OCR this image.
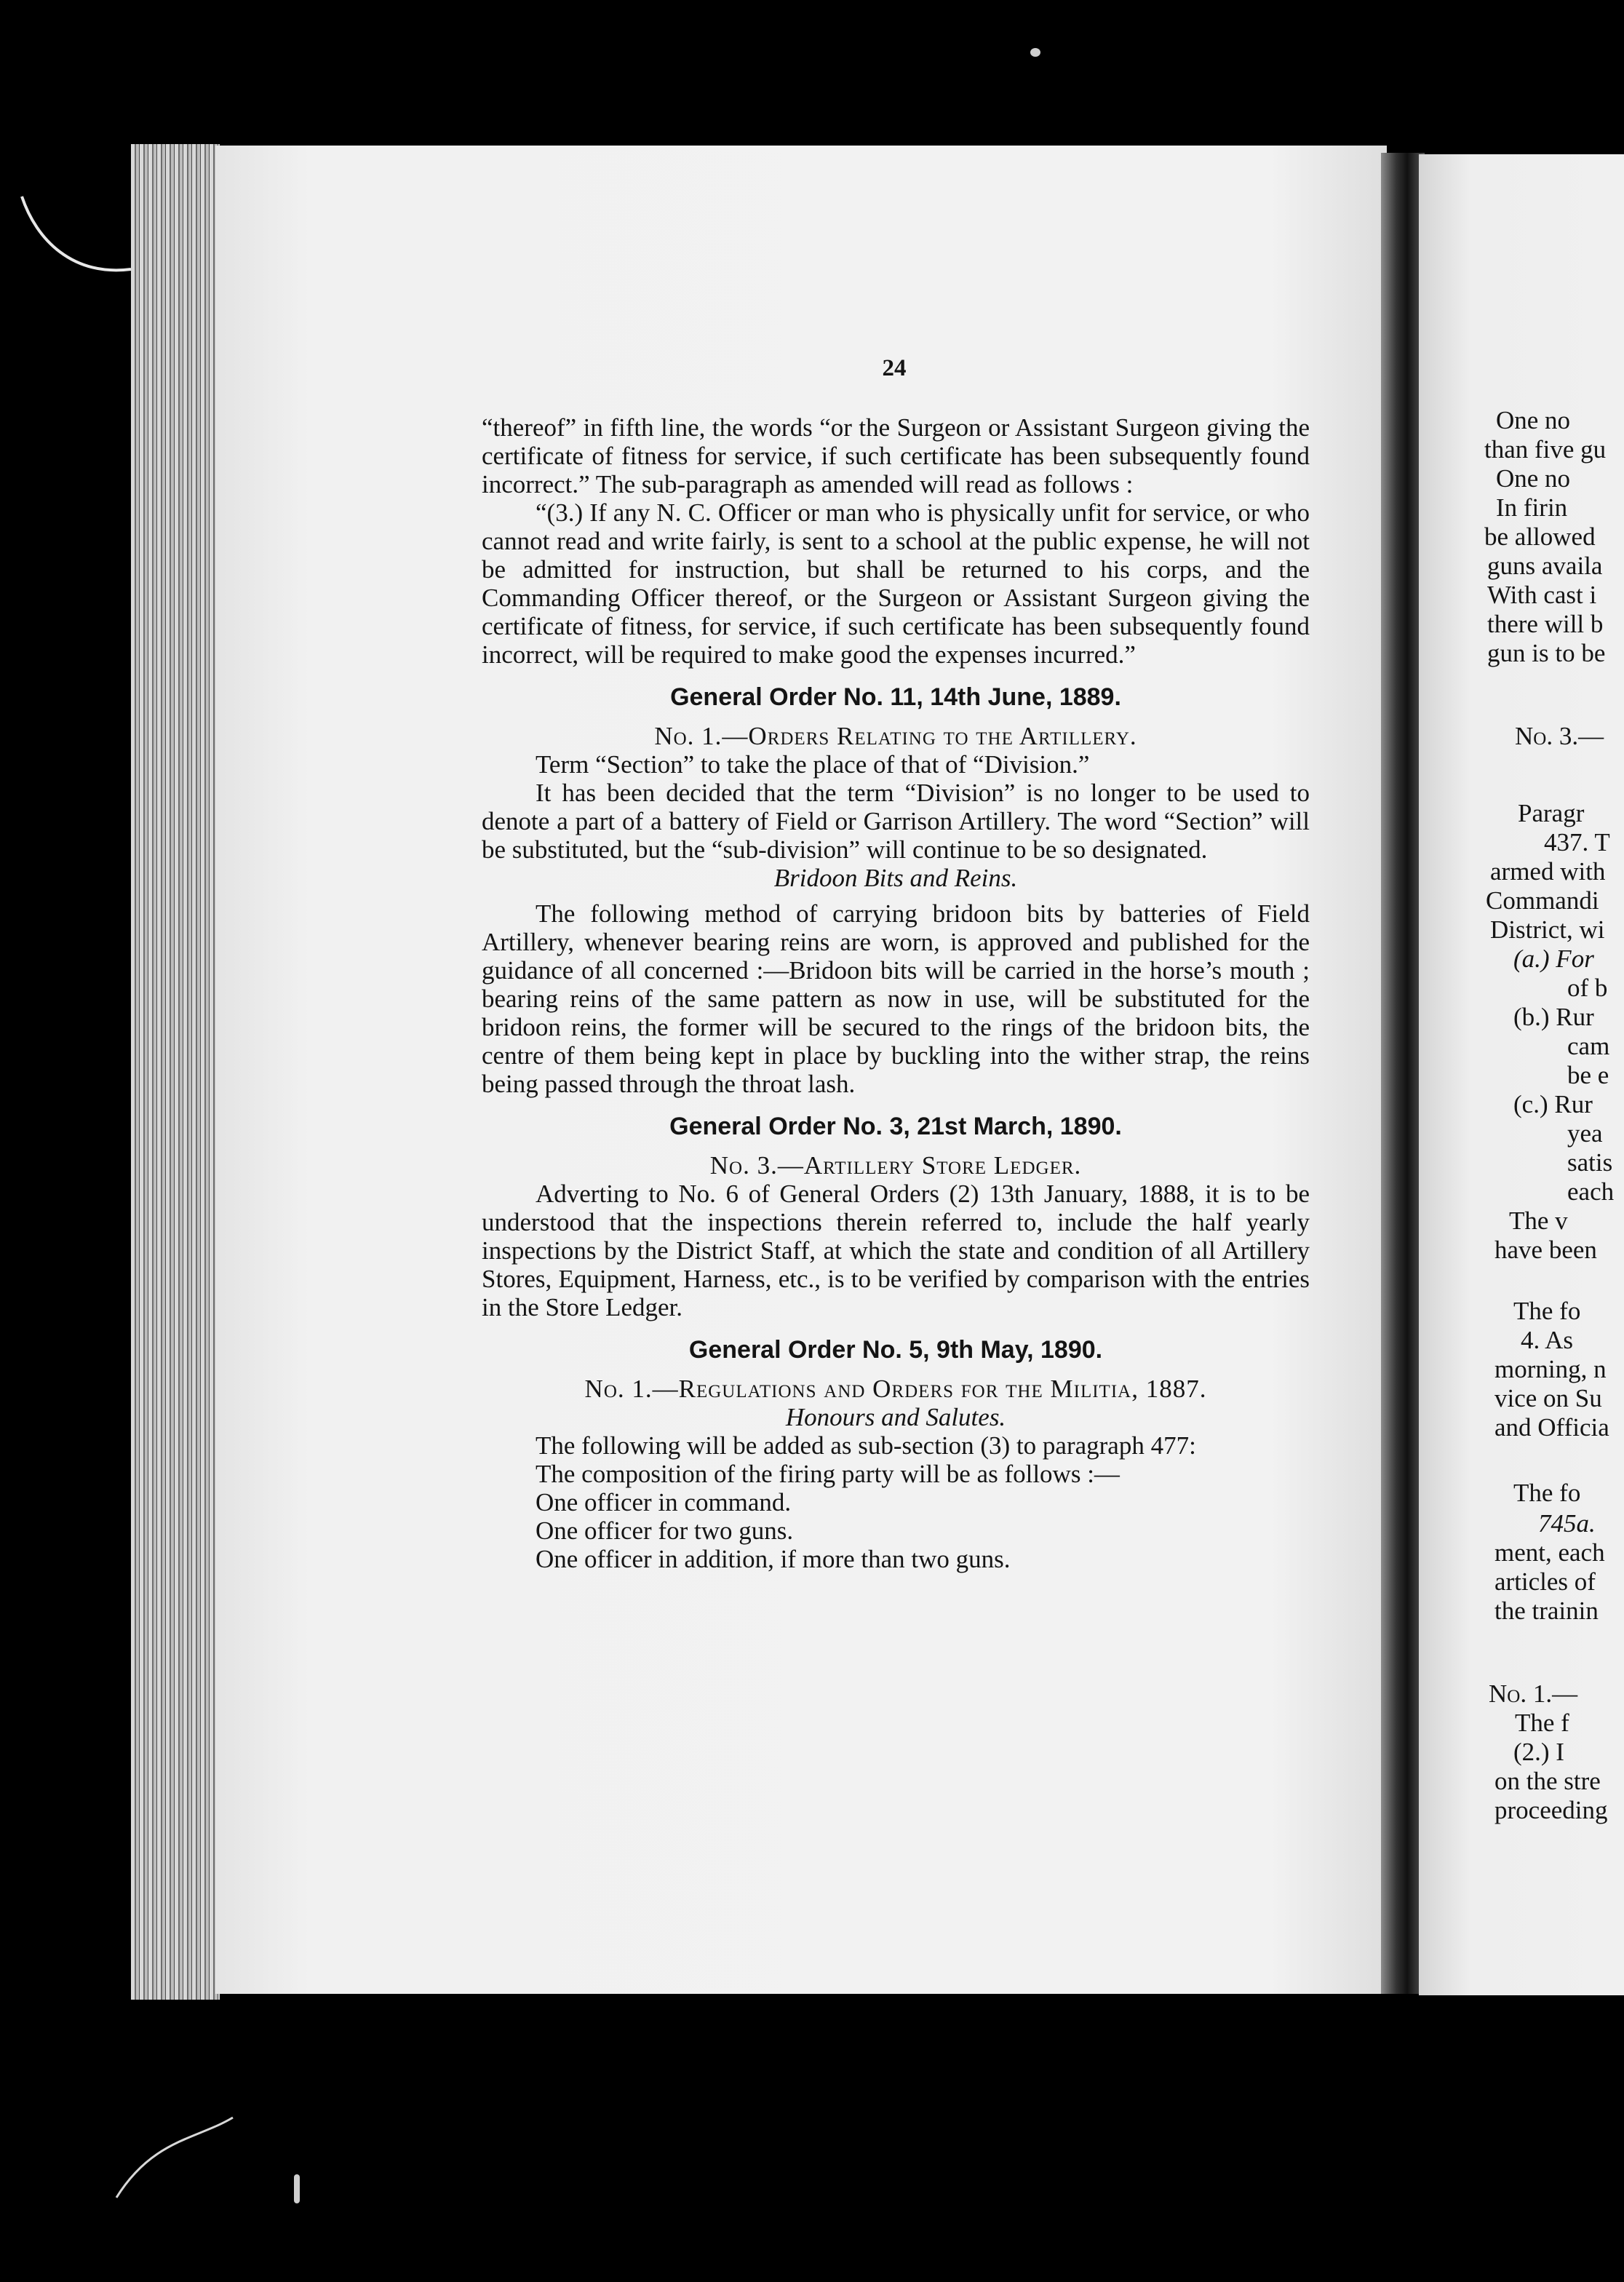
24

“thereof” in fifth line, the words “or the Surgeon or Assistant Surgeon giving the certificate of fitness for service, if such certificate has been subsequently found incorrect.” The sub-paragraph as amended will read as follows :

“(3.) If any N. C. Officer or man who is physically unfit for service, or who cannot read and write fairly, is sent to a school at the public expense, he will not be admitted for instruction, but shall be returned to his corps, and the Commanding Officer thereof, or the Surgeon or Assistant Surgeon giving the certificate of fitness, for service, if such certificate has been subsequently found incorrect, will be required to make good the expenses incurred.”

General Order No. 11, 14th June, 1889.

No. 1.—Orders Relating to the Artillery.

Term “Section” to take the place of that of “Division.”

It has been decided that the term “Division” is no longer to be used to denote a part of a battery of Field or Garrison Artillery. The word “Section” will be substituted, but the “sub-division” will continue to be so designated.

Bridoon Bits and Reins.

The following method of carrying bridoon bits by batteries of Field Artillery, whenever bearing reins are worn, is approved and published for the guidance of all concerned :—Bridoon bits will be carried in the horse’s mouth ; bearing reins of the same pattern as now in use, will be substituted for the bridoon reins, the former will be secured to the rings of the bridoon bits, the centre of them being kept in place by buckling into the wither strap, the reins being passed through the throat lash.

General Order No. 3, 21st March, 1890.

No. 3.—Artillery Store Ledger.

Adverting to No. 6 of General Orders (2) 13th January, 1888, it is to be understood that the inspections therein referred to, include the half yearly inspections by the District Staff, at which the state and condition of all Artillery Stores, Equipment, Harness, etc., is to be verified by comparison with the entries in the Store Ledger.

General Order No. 5, 9th May, 1890.

No. 1.—Regulations and Orders for the Militia, 1887.

Honours and Salutes.

The following will be added as sub-section (3) to paragraph 477:

The composition of the firing party will be as follows :—

One officer in command.

One officer for two guns.

One officer in addition, if more than two guns.

One no
than five gu
One no
In firin
be allowed
guns availa
With cast i
there will b
gun is to be
No. 3.—
Paragr
437. T
armed with
Commandi
District, wi
(a.) For
of b
(b.) Rur
cam
be e
(c.) Rur
yea
satis
each
The v
have been
The fo
4. As
morning, n
vice on Su
and Officia
The fo
745a.
ment, each
articles of
the trainin
No. 1.—
The f
(2.) I
on the stre
proceeding
